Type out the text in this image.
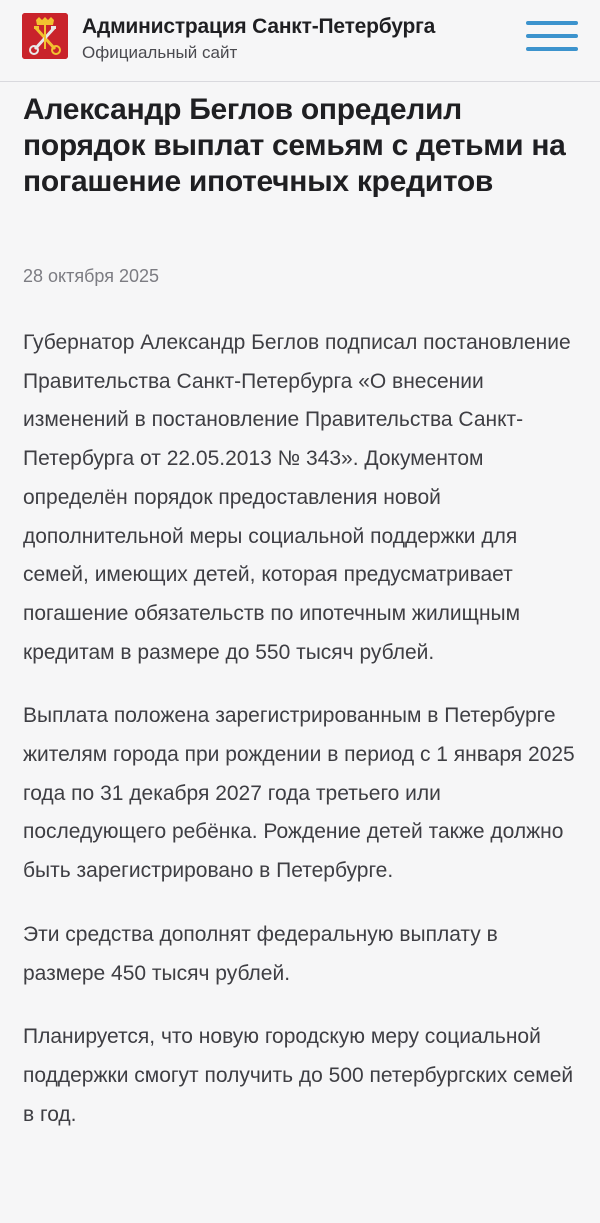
Администрация Санкт-Петербурга
Официальный сайт
Александр Беглов определил порядок выплат семьям с детьми на погашение ипотечных кредитов
28 октября 2025

Губернатор Александр Беглов подписал постановление Правительства Санкт-Петербурга «О внесении изменений в постановление Правительства Санкт-Петербурга от 22.05.2013 № 343». Документом определён порядок предоставления новой дополнительной меры социальной поддержки для семей, имеющих детей, которая предусматривает погашение обязательств по ипотечным жилищным кредитам в размере до 550 тысяч рублей.

Выплата положена зарегистрированным в Петербурге жителям города при рождении в период с 1 января 2025 года по 31 декабря 2027 года третьего или последующего ребёнка. Рождение детей также должно быть зарегистрировано в Петербурге.

Эти средства дополнят федеральную выплату в размере 450 тысяч рублей.

Планируется, что новую городскую меру социальной поддержки смогут получить до 500 петербургских семей в год.
